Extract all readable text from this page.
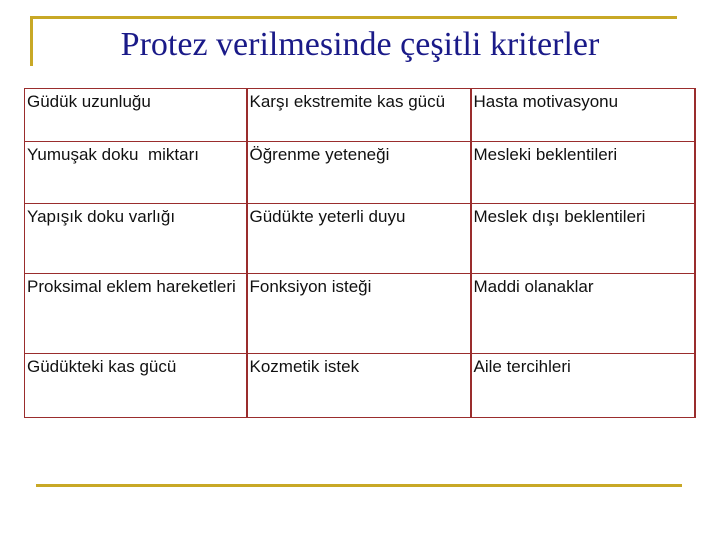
Protez verilmesinde çeşitli kriterler
Güdük uzunluğu	Karşı ekstremite kas gücü	Hasta motivasyonu
Yumuşak doku  miktarı	Öğrenme yeteneği	Mesleki beklentileri
Yapışık doku varlığı	Güdükte yeterli duyu	Meslek dışı beklentileri
Proksimal eklem hareketleri	Fonksiyon isteği	Maddi olanaklar
Güdükteki kas gücü	Kozmetik istek	Aile tercihleri
